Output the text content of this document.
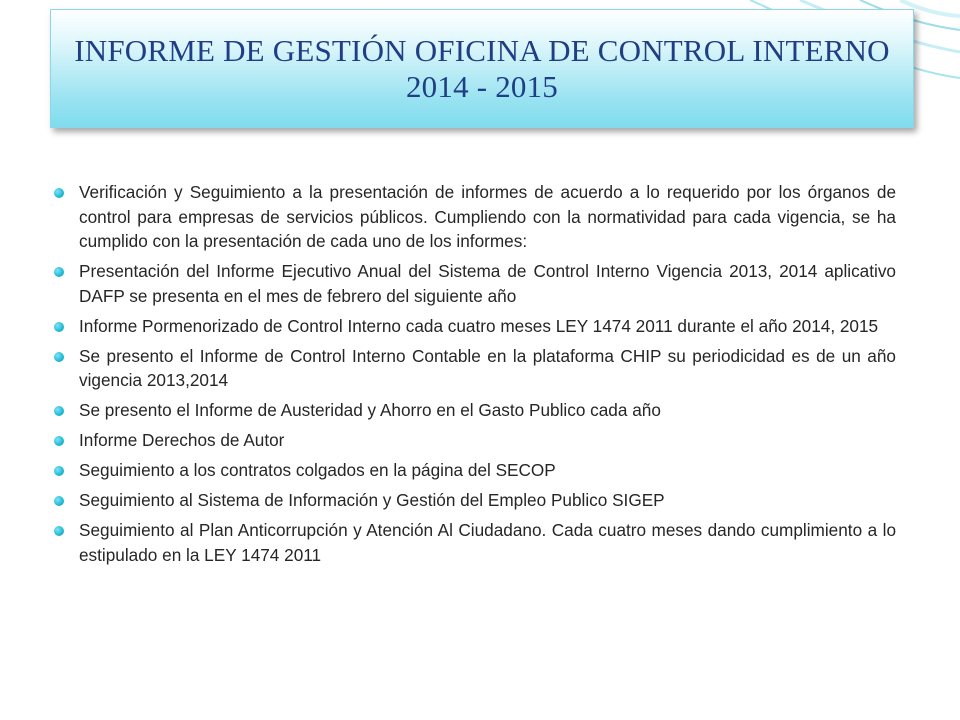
INFORME DE GESTIÓN OFICINA DE CONTROL INTERNO
2014 - 2015
Verificación y Seguimiento a la presentación de informes de acuerdo a lo requerido por los órganos de control para empresas de servicios públicos. Cumpliendo con la normatividad para cada vigencia, se ha cumplido con la presentación de cada uno de los informes:
Presentación del Informe Ejecutivo Anual del Sistema de Control Interno Vigencia 2013, 2014 aplicativo DAFP se presenta en el mes de febrero del siguiente año
Informe Pormenorizado de Control Interno cada cuatro meses LEY 1474 2011 durante el año 2014, 2015
Se presento el Informe de Control Interno Contable en la plataforma CHIP su periodicidad es de un año vigencia 2013,2014
Se presento el Informe de Austeridad y Ahorro en el Gasto Publico cada año
Informe Derechos de Autor
Seguimiento a los contratos colgados en la página del SECOP
Seguimiento al Sistema de Información y Gestión del Empleo Publico SIGEP
Seguimiento al Plan Anticorrupción y Atención Al Ciudadano. Cada cuatro meses dando cumplimiento a lo estipulado en la LEY 1474 2011
